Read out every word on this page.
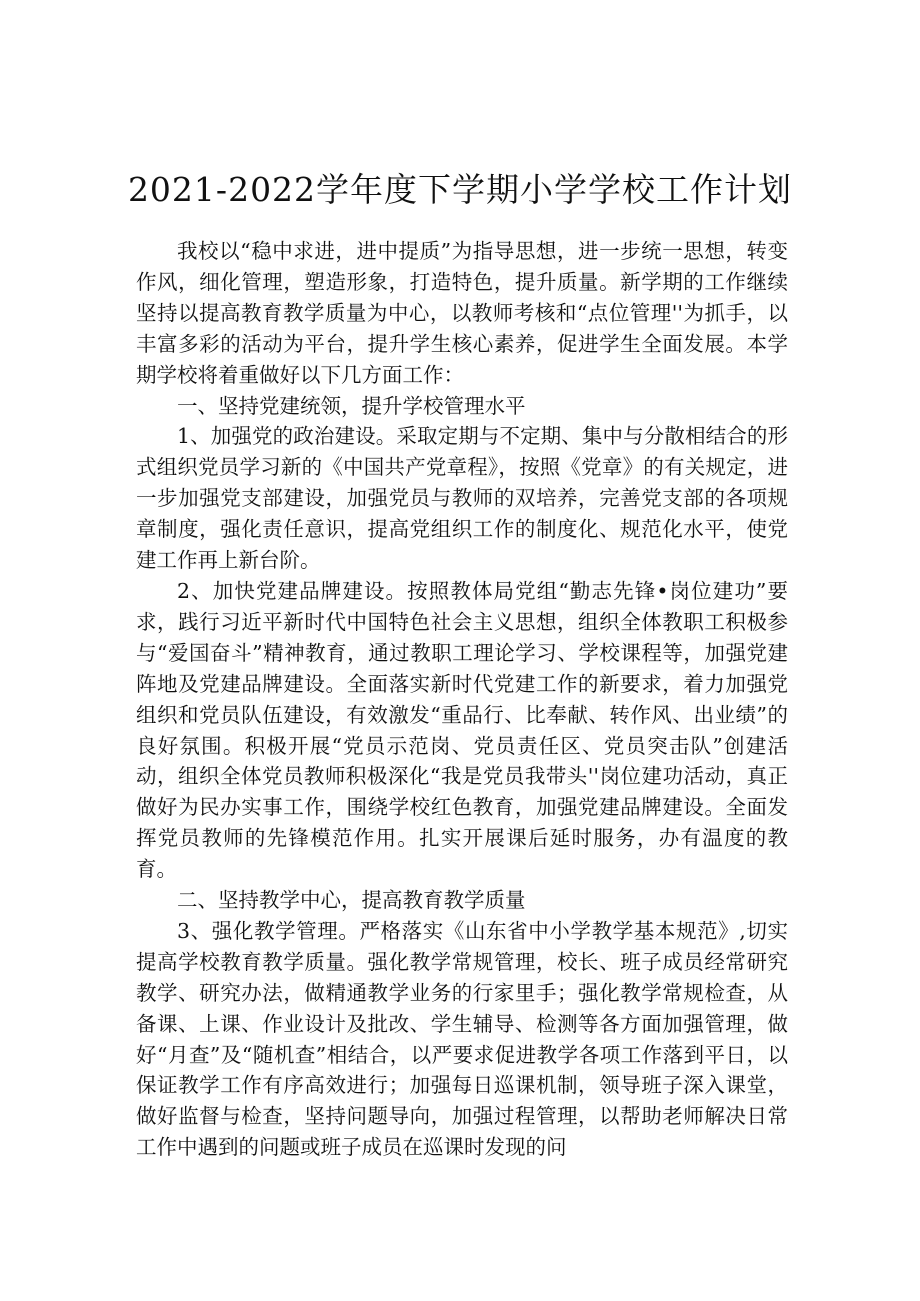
2021-2022学年度下学期小学学校工作计划

我校以“稳中求进，进中提质”为指导思想，进一步统一思想，转变作风，细化管理，塑造形象，打造特色，提升质量。新学期的工作继续坚持以提高教育教学质量为中心，以教师考核和“点位管理''为抓手，以丰富多彩的活动为平台，提升学生核心素养，促进学生全面发展。本学期学校将着重做好以下几方面工作：

一、坚持党建统领，提升学校管理水平

1、加强党的政治建设。采取定期与不定期、集中与分散相结合的形式组织党员学习新的《中国共产党章程》，按照《党章》的有关规定，进一步加强党支部建设，加强党员与教师的双培养，完善党支部的各项规章制度，强化责任意识，提高党组织工作的制度化、规范化水平，使党建工作再上新台阶。

2、加快党建品牌建设。按照教体局党组“勤志先锋•岗位建功”要求，践行习近平新时代中国特色社会主义思想，组织全体教职工积极参与“爱国奋斗”精神教育，通过教职工理论学习、学校课程等，加强党建阵地及党建品牌建设。全面落实新时代党建工作的新要求，着力加强党组织和党员队伍建设，有效激发“重品行、比奉献、转作风、出业绩”的良好氛围。积极开展“党员示范岗、党员责任区、党员突击队”创建活动，组织全体党员教师积极深化“我是党员我带头''岗位建功活动，真正做好为民办实事工作，围绕学校红色教育，加强党建品牌建设。全面发挥党员教师的先锋模范作用。扎实开展课后延时服务，办有温度的教育。

二、坚持教学中心，提高教育教学质量

3、强化教学管理。严格落实《山东省中小学教学基本规范》,切实提高学校教育教学质量。强化教学常规管理，校长、班子成员经常研究教学、研究办法，做精通教学业务的行家里手；强化教学常规检查，从备课、上课、作业设计及批改、学生辅导、检测等各方面加强管理，做好“月查”及“随机查”相结合，以严要求促进教学各项工作落到平日，以保证教学工作有序高效进行；加强每日巡课机制，领导班子深入课堂，做好监督与检查，坚持问题导向，加强过程管理，以帮助老师解决日常工作中遇到的问题或班子成员在巡课时发现的问
